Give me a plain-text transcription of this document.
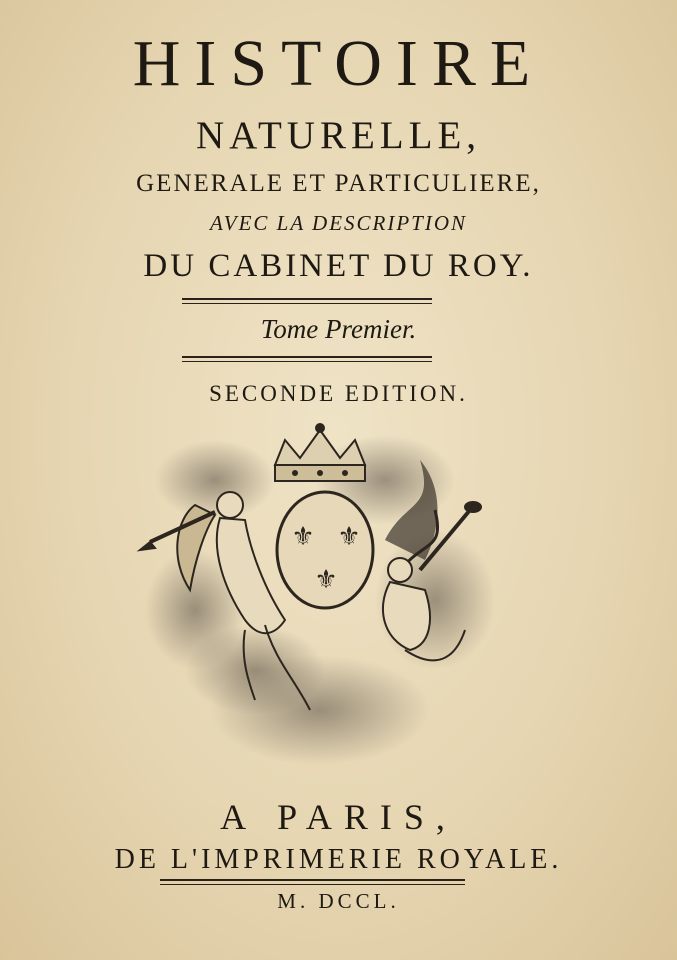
HISTOIRE
NATURELLE,
GENERALE ET PARTICULIERE,
AVEC LA DESCRIPTION
DU CABINET DU ROY.
Tome Premier.
SECONDE EDITION.
⚜ ⚜
⚜
A PARIS,
DE L'IMPRIMERIE ROYALE.
M. DCCL.
